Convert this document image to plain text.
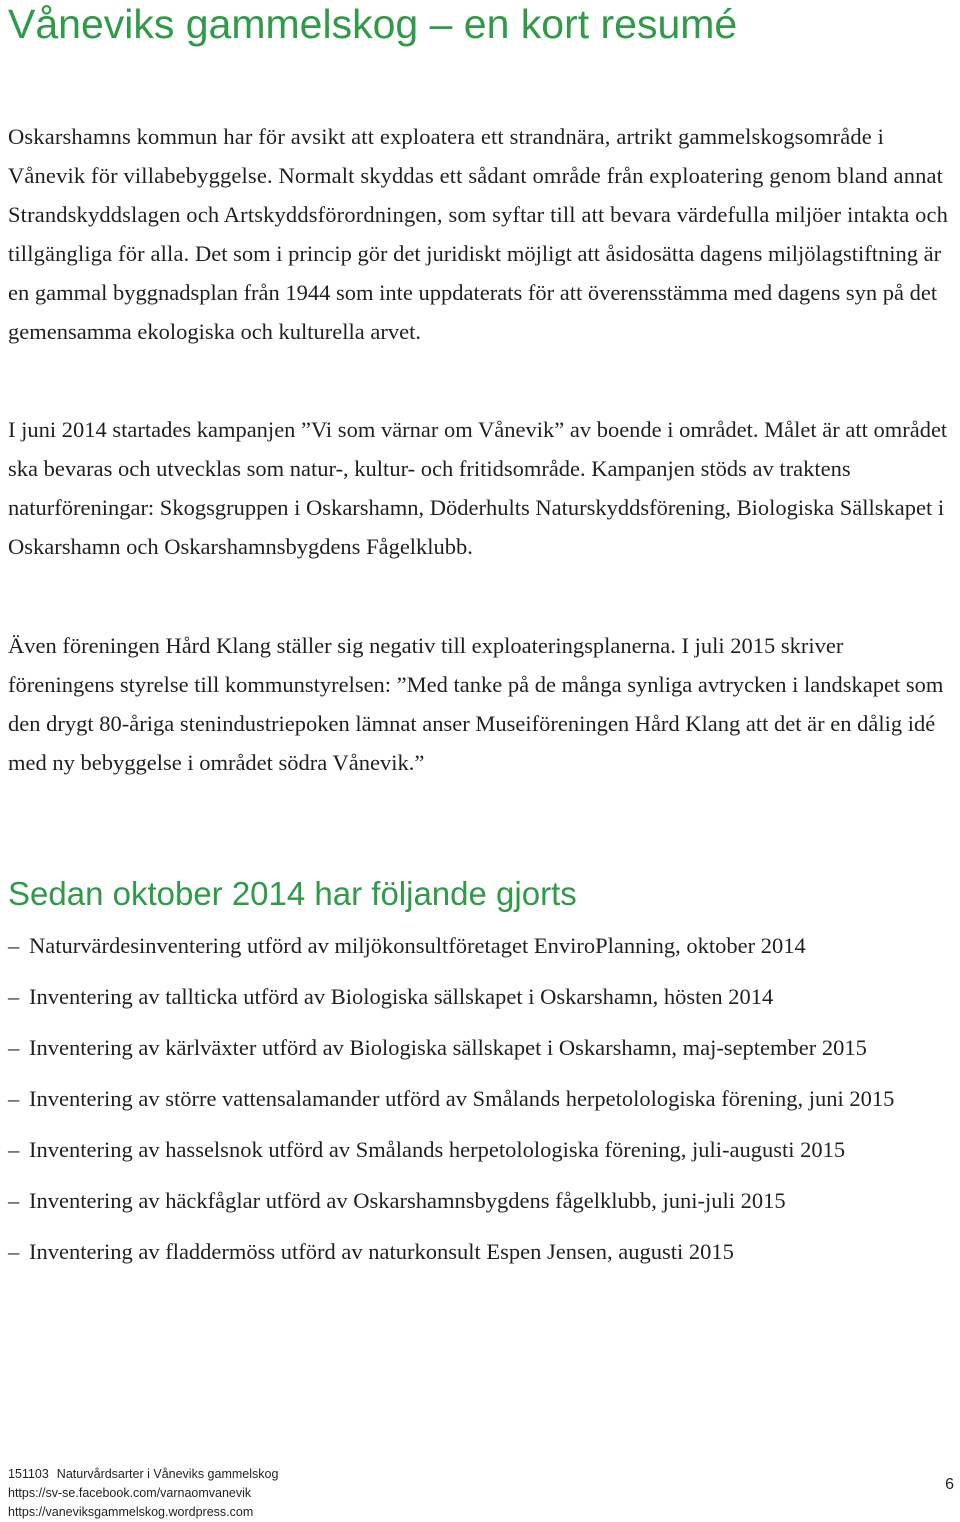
Våneviks gammelskog – en kort resumé

Oskarshamns kommun har för avsikt att exploatera ett strandnära, artrikt gammelskogsområde i Vånevik för villabebyggelse. Normalt skyddas ett sådant område från exploatering genom bland annat Strandskyddslagen och Artskyddsförordningen, som syftar till att bevara värdefulla miljöer intakta och tillgängliga för alla. Det som i princip gör det juridiskt möjligt att åsidosätta dagens miljölagstiftning är en gammal byggnadsplan från 1944 som inte uppdaterats för att överensstämma med dagens syn på det gemensamma ekologiska och kulturella arvet.

I juni 2014 startades kampanjen ”Vi som värnar om Vånevik” av boende i området. Målet är att området ska bevaras och utvecklas som natur-, kultur- och fritidsområde. Kampanjen stöds av traktens naturföreningar: Skogsgruppen i Oskarshamn, Döderhults Naturskyddsförening, Biologiska Sällskapet i Oskarshamn och Oskarshamnsbygdens Fågelklubb.

Även föreningen Hård Klang ställer sig negativ till exploateringsplanerna. I juli 2015 skriver föreningens styrelse till kommunstyrelsen: ”Med tanke på de många synliga avtrycken i landskapet som den drygt 80-åriga stenindustriepoken lämnat anser Museiföreningen Hård Klang att det är en dålig idé med ny bebyggelse i området södra Vånevik.”

Sedan oktober 2014 har följande gjorts
– Naturvärdesinventering utförd av miljökonsultföretaget EnviroPlanning, oktober 2014
– Inventering av tallticka utförd av Biologiska sällskapet i Oskarshamn, hösten 2014
– Inventering av kärlväxter utförd av Biologiska sällskapet i Oskarshamn, maj-september 2015
– Inventering av större vattensalamander utförd av Smålands herpetolologiska förening, juni 2015
– Inventering av hasselsnok utförd av Smålands herpetolologiska förening, juli-augusti 2015
– Inventering av häckfåglar utförd av Oskarshamnsbygdens fågelklubb, juni-juli 2015
– Inventering av fladdermöss utförd av naturkonsult Espen Jensen, augusti 2015
151103 Naturvårdsarter i Våneviks gammelskog
https://sv-se.facebook.com/varnaomvanevik
https://vaneviksgammelskog.wordpress.com
6
